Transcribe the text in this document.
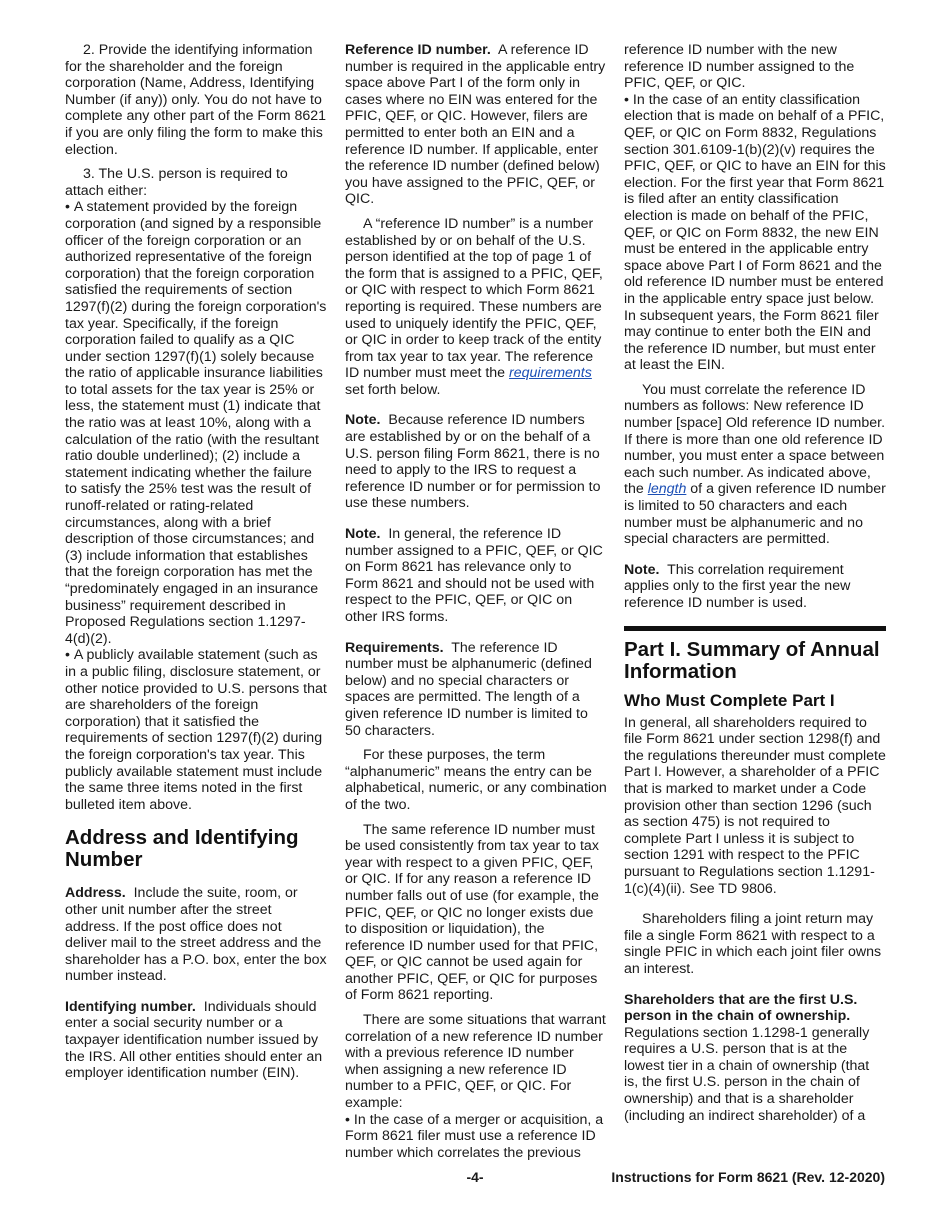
2. Provide the identifying information for the shareholder and the foreign corporation (Name, Address, Identifying Number (if any)) only. You do not have to complete any other part of the Form 8621 if you are only filing the form to make this election.

3. The U.S. person is required to attach either:

• A statement provided by the foreign corporation (and signed by a responsible officer of the foreign corporation or an authorized representative of the foreign corporation) that the foreign corporation satisfied the requirements of section 1297(f)(2) during the foreign corporation's tax year. Specifically, if the foreign corporation failed to qualify as a QIC under section 1297(f)(1) solely because the ratio of applicable insurance liabilities to total assets for the tax year is 25% or less, the statement must (1) indicate that the ratio was at least 10%, along with a calculation of the ratio (with the resultant ratio double underlined); (2) include a statement indicating whether the failure to satisfy the 25% test was the result of runoff-related or rating-related circumstances, along with a brief description of those circumstances; and (3) include information that establishes that the foreign corporation has met the “predominately engaged in an insurance business” requirement described in Proposed Regulations section 1.1297-4(d)(2).

• A publicly available statement (such as in a public filing, disclosure statement, or other notice provided to U.S. persons that are shareholders of the foreign corporation) that it satisfied the requirements of section 1297(f)(2) during the foreign corporation's tax year. This publicly available statement must include the same three items noted in the first bulleted item above.

Address and Identifying Number

Address. Include the suite, room, or other unit number after the street address. If the post office does not deliver mail to the street address and the shareholder has a P.O. box, enter the box number instead.

Identifying number. Individuals should enter a social security number or a taxpayer identification number issued by the IRS. All other entities should enter an employer identification number (EIN).

Reference ID number. A reference ID number is required in the applicable entry space above Part I of the form only in cases where no EIN was entered for the PFIC, QEF, or QIC. However, filers are permitted to enter both an EIN and a reference ID number. If applicable, enter the reference ID number (defined below) you have assigned to the PFIC, QEF, or QIC.

A “reference ID number” is a number established by or on behalf of the U.S. person identified at the top of page 1 of the form that is assigned to a PFIC, QEF, or QIC with respect to which Form 8621 reporting is required. These numbers are used to uniquely identify the PFIC, QEF, or QIC in order to keep track of the entity from tax year to tax year. The reference ID number must meet the requirements set forth below.

Note. Because reference ID numbers are established by or on the behalf of a U.S. person filing Form 8621, there is no need to apply to the IRS to request a reference ID number or for permission to use these numbers.

Note. In general, the reference ID number assigned to a PFIC, QEF, or QIC on Form 8621 has relevance only to Form 8621 and should not be used with respect to the PFIC, QEF, or QIC on other IRS forms.

Requirements. The reference ID number must be alphanumeric (defined below) and no special characters or spaces are permitted. The length of a given reference ID number is limited to 50 characters.

For these purposes, the term “alphanumeric” means the entry can be alphabetical, numeric, or any combination of the two.

The same reference ID number must be used consistently from tax year to tax year with respect to a given PFIC, QEF, or QIC. If for any reason a reference ID number falls out of use (for example, the PFIC, QEF, or QIC no longer exists due to disposition or liquidation), the reference ID number used for that PFIC, QEF, or QIC cannot be used again for another PFIC, QEF, or QIC for purposes of Form 8621 reporting.

There are some situations that warrant correlation of a new reference ID number with a previous reference ID number when assigning a new reference ID number to a PFIC, QEF, or QIC. For example:

• In the case of a merger or acquisition, a Form 8621 filer must use a reference ID number which correlates the previous

reference ID number with the new reference ID number assigned to the PFIC, QEF, or QIC.

• In the case of an entity classification election that is made on behalf of a PFIC, QEF, or QIC on Form 8832, Regulations section 301.6109-1(b)(2)(v) requires the PFIC, QEF, or QIC to have an EIN for this election. For the first year that Form 8621 is filed after an entity classification election is made on behalf of the PFIC, QEF, or QIC on Form 8832, the new EIN must be entered in the applicable entry space above Part I of Form 8621 and the old reference ID number must be entered in the applicable entry space just below. In subsequent years, the Form 8621 filer may continue to enter both the EIN and the reference ID number, but must enter at least the EIN.

You must correlate the reference ID numbers as follows: New reference ID number [space] Old reference ID number. If there is more than one old reference ID number, you must enter a space between each such number. As indicated above, the length of a given reference ID number is limited to 50 characters and each number must be alphanumeric and no special characters are permitted.

Note. This correlation requirement applies only to the first year the new reference ID number is used.

Part I. Summary of Annual Information
Who Must Complete Part I

In general, all shareholders required to file Form 8621 under section 1298(f) and the regulations thereunder must complete Part I. However, a shareholder of a PFIC that is marked to market under a Code provision other than section 1296 (such as section 475) is not required to complete Part I unless it is subject to section 1291 with respect to the PFIC pursuant to Regulations section 1.1291-1(c)(4)(ii). See TD 9806.

Shareholders filing a joint return may file a single Form 8621 with respect to a single PFIC in which each joint filer owns an interest.

Shareholders that are the first U.S. person in the chain of ownership. Regulations section 1.1298-1 generally requires a U.S. person that is at the lowest tier in a chain of ownership (that is, the first U.S. person in the chain of ownership) and that is a shareholder (including an indirect shareholder) of a

-4-	Instructions for Form 8621 (Rev. 12-2020)
